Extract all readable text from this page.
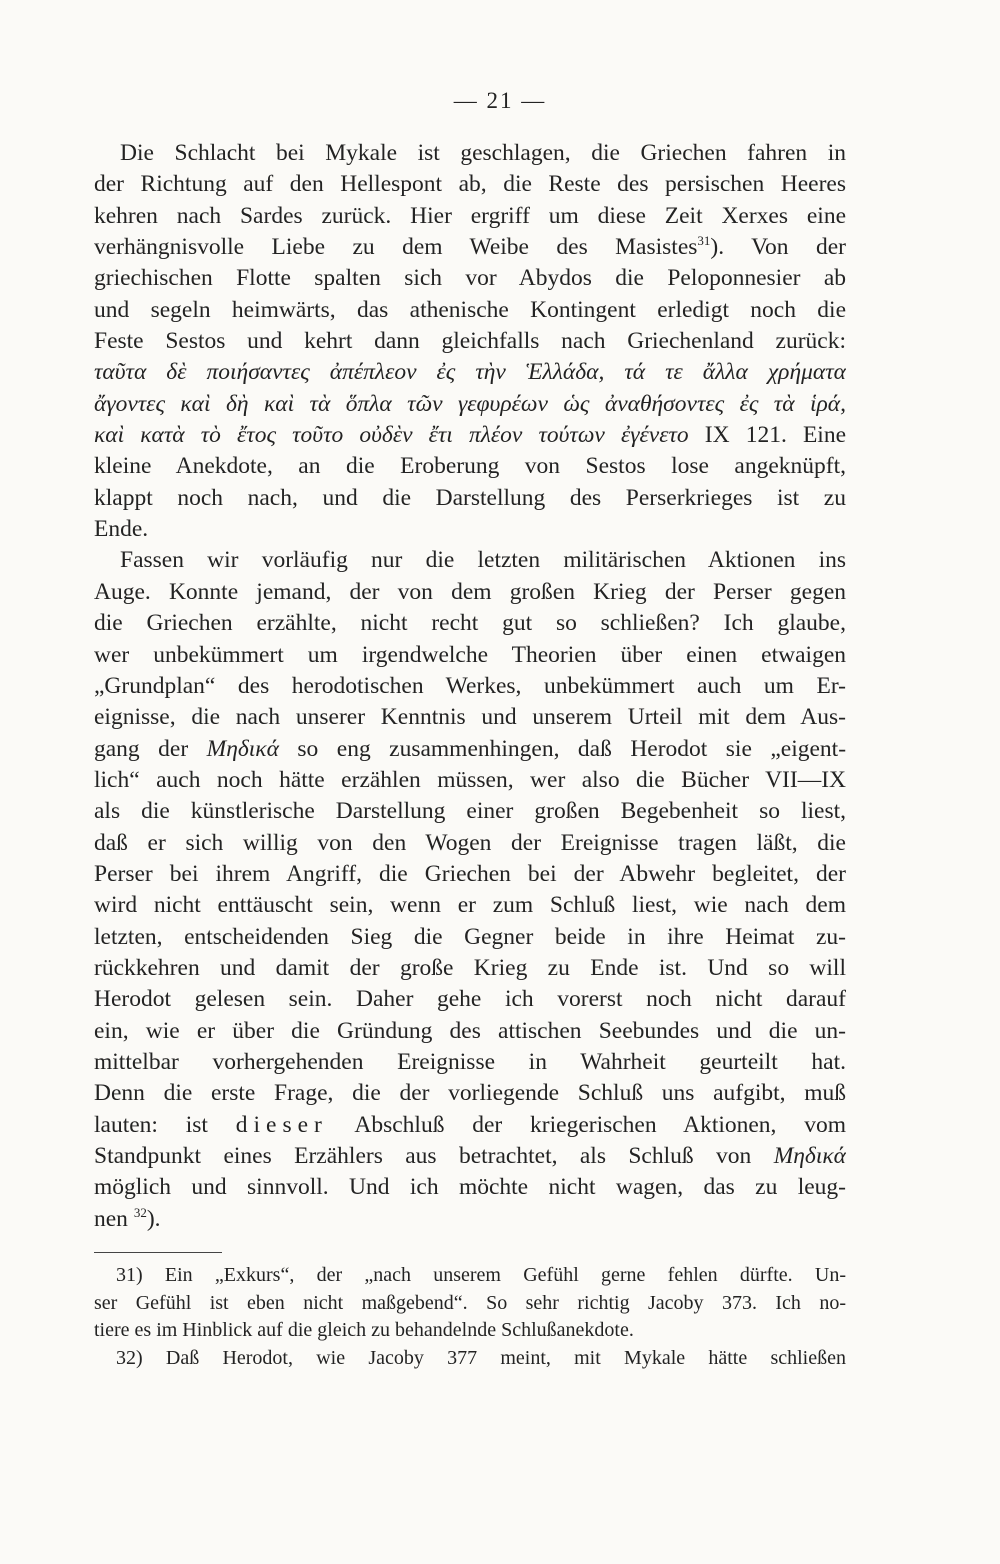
— 21 —
Die Schlacht bei Mykale ist geschlagen, die Griechen fahren in
der Richtung auf den Hellespont ab, die Reste des persischen Heeres
kehren nach Sardes zurück. Hier ergriff um diese Zeit Xerxes eine
verhängnisvolle Liebe zu dem Weibe des Masistes$^{31}$). Von der
griechischen Flotte spalten sich vor Abydos die Peloponnesier ab
und segeln heimwärts, das athenische Kontingent erledigt noch die
Feste Sestos und kehrt dann gleichfalls nach Griechenland zurück:
ταῦτα δὲ ποιήσαντες ἀπέπλεον ἐς τὴν Ἑλλάδα, τά τε ἄλλα χρήματα
ἄγοντες καὶ δὴ καὶ τὰ ὅπλα τῶν γεφυρέων ὡς ἀναθήσοντες ἐς τὰ ἱρά,
καὶ κατὰ τὸ ἔτος τοῦτο οὐδὲν ἔτι πλέον τούτων ἐγένετο IX 121. Eine
kleine Anekdote, an die Eroberung von Sestos lose angeknüpft,
klappt noch nach, und die Darstellung des Perserkrieges ist zu
Ende.
Fassen wir vorläufig nur die letzten militärischen Aktionen ins
Auge. Konnte jemand, der von dem großen Krieg der Perser gegen
die Griechen erzählte, nicht recht gut so schließen? Ich glaube,
wer unbekümmert um irgendwelche Theorien über einen etwaigen
„Grundplan“ des herodotischen Werkes, unbekümmert auch um Er-
eignisse, die nach unserer Kenntnis und unserem Urteil mit dem Aus-
gang der Μηδικά so eng zusammenhingen, daß Herodot sie „eigent-
lich“ auch noch hätte erzählen müssen, wer also die Bücher VII—IX
als die künstlerische Darstellung einer großen Begebenheit so liest,
daß er sich willig von den Wogen der Ereignisse tragen läßt, die
Perser bei ihrem Angriff, die Griechen bei der Abwehr begleitet, der
wird nicht enttäuscht sein, wenn er zum Schluß liest, wie nach dem
letzten, entscheidenden Sieg die Gegner beide in ihre Heimat zu-
rückkehren und damit der große Krieg zu Ende ist. Und so will
Herodot gelesen sein. Daher gehe ich vorerst noch nicht darauf
ein, wie er über die Gründung des attischen Seebundes und die un-
mittelbar vorhergehenden Ereignisse in Wahrheit geurteilt hat.
Denn die erste Frage, die der vorliegende Schluß uns aufgibt, muß
lauten: ist dieser Abschluß der kriegerischen Aktionen, vom
Standpunkt eines Erzählers aus betrachtet, als Schluß von Μηδικά
möglich und sinnvoll. Und ich möchte nicht wagen, das zu leug-
nen $^{32}$).
31) Ein „Exkurs“, der „nach unserem Gefühl gerne fehlen dürfte. Un-
ser Gefühl ist eben nicht maßgebend“. So sehr richtig Jacoby 373. Ich no-
tiere es im Hinblick auf die gleich zu behandelnde Schlußanekdote.
32) Daß Herodot, wie Jacoby 377 meint, mit Mykale hätte schließen
